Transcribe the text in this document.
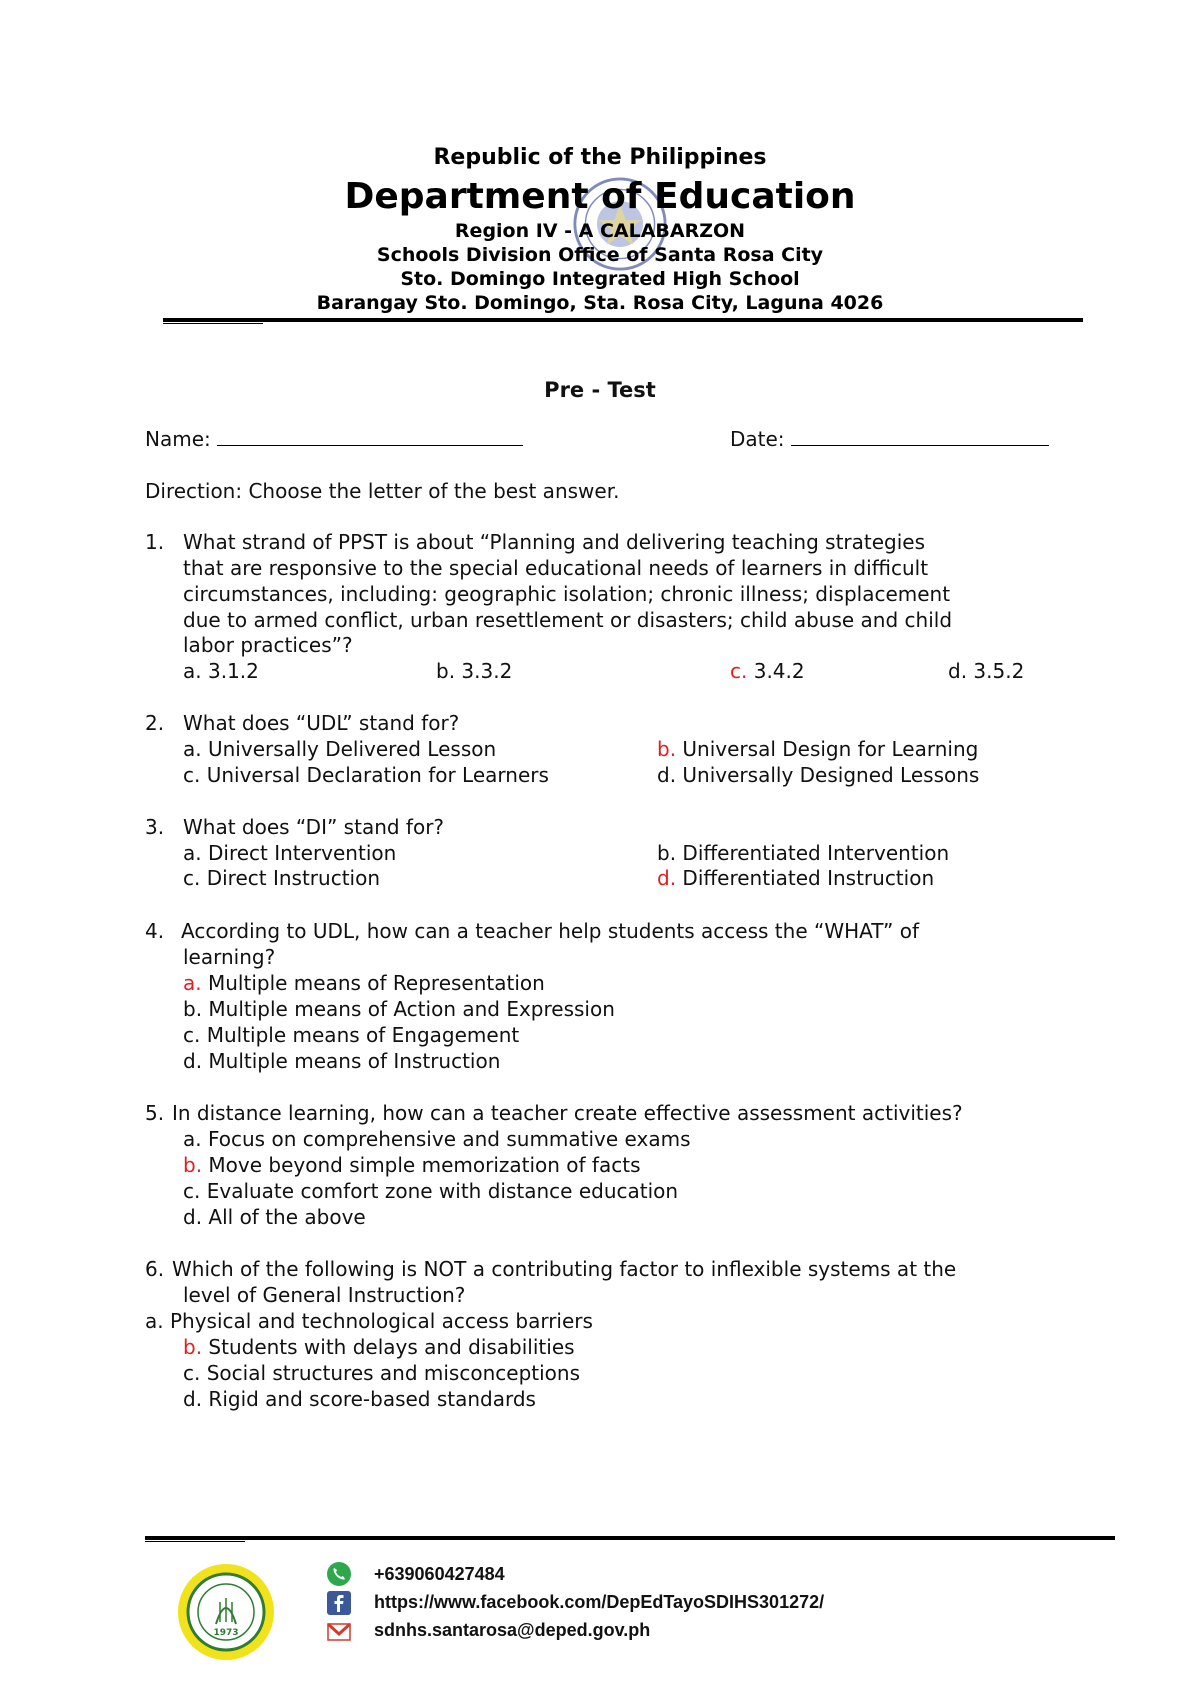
Republic of the Philippines
Department of Education
Region IV - A CALABARZON
Schools Division Office of Santa Rosa City
Sto. Domingo Integrated High School
Barangay Sto. Domingo, Sta. Rosa City, Laguna 4026
Pre - Test
Name:	Date:
Direction: Choose the letter of the best answer.
1. What strand of PPST is about “Planning and delivering teaching strategies
that are responsive to the special educational needs of learners in difficult
circumstances, including: geographic isolation; chronic illness; displacement
due to armed conflict, urban resettlement or disasters; child abuse and child
labor practices”?
a. 3.1.2	b. 3.3.2	c. 3.4.2	d. 3.5.2
2. What does “UDL” stand for?
a. Universally Delivered Lesson	b. Universal Design for Learning
c. Universal Declaration for Learners	d. Universally Designed Lessons
3. What does “DI” stand for?
a. Direct Intervention	b. Differentiated Intervention
c. Direct Instruction	d. Differentiated Instruction
4. According to UDL, how can a teacher help students access the “WHAT” of
learning?
a. Multiple means of Representation
b. Multiple means of Action and Expression
c. Multiple means of Engagement
d. Multiple means of Instruction
5. In distance learning, how can a teacher create effective assessment activities?
a. Focus on comprehensive and summative exams
b. Move beyond simple memorization of facts
c. Evaluate comfort zone with distance education
d. All of the above
6. Which of the following is NOT a contributing factor to inflexible systems at the
level of General Instruction?
a. Physical and technological access barriers
b. Students with delays and disabilities
c. Social structures and misconceptions
d. Rigid and score-based standards
1973
+639060427484
https://www.facebook.com/DepEdTayoSDIHS301272/
sdnhs.santarosa@deped.gov.ph
